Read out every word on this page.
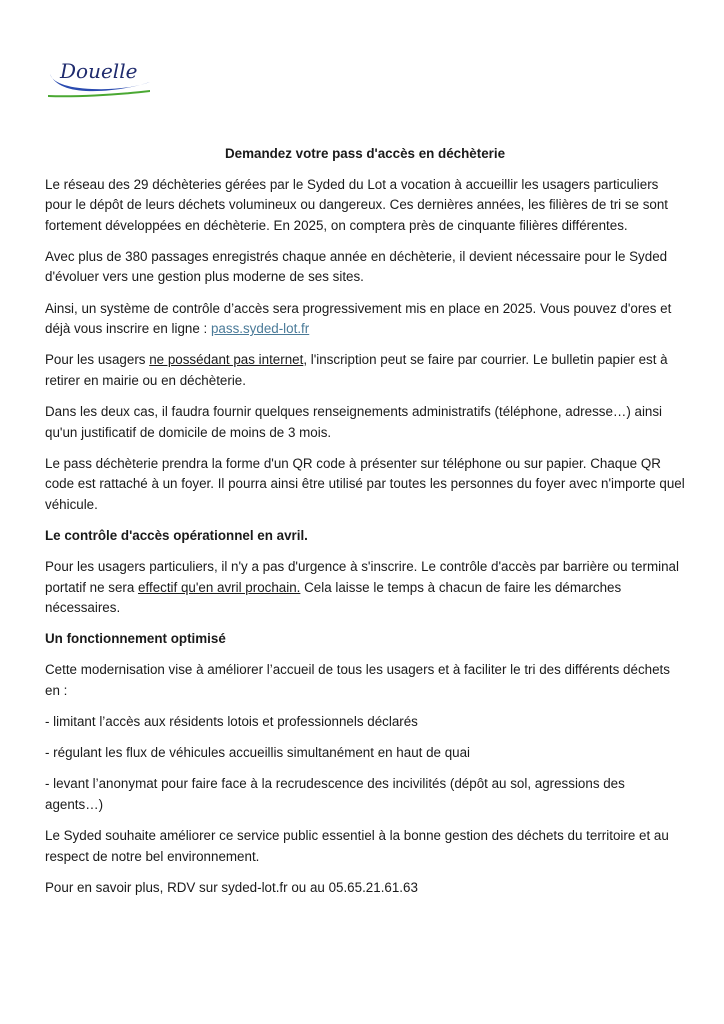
Douelle

Demandez votre pass d'accès en déchèterie

Le réseau des 29 déchèteries gérées par le Syded du Lot a vocation à accueillir les usagers particuliers pour le dépôt de leurs déchets volumineux ou dangereux. Ces dernières années, les filières de tri se sont fortement développées en déchèterie. En 2025, on comptera près de cinquante filières différentes.

Avec plus de 380 passages enregistrés chaque année en déchèterie, il devient nécessaire pour le Syded d'évoluer vers une gestion plus moderne de ses sites.

Ainsi, un système de contrôle d’accès sera progressivement mis en place en 2025. Vous pouvez d'ores et déjà vous inscrire en ligne : pass.syded-lot.fr

Pour les usagers ne possédant pas internet, l'inscription peut se faire par courrier. Le bulletin papier est à retirer en mairie ou en déchèterie.

Dans les deux cas, il faudra fournir quelques renseignements administratifs (téléphone, adresse…) ainsi qu'un justificatif de domicile de moins de 3 mois.

Le pass déchèterie prendra la forme d'un QR code à présenter sur téléphone ou sur papier. Chaque QR code est rattaché à un foyer. Il pourra ainsi être utilisé par toutes les personnes du foyer avec n'importe quel véhicule.

Le contrôle d'accès opérationnel en avril.

Pour les usagers particuliers, il n'y a pas d'urgence à s'inscrire. Le contrôle d'accès par barrière ou terminal portatif ne sera effectif qu'en avril prochain. Cela laisse le temps à chacun de faire les démarches nécessaires.

Un fonctionnement optimisé

Cette modernisation vise à améliorer l’accueil de tous les usagers et à faciliter le tri des différents déchets en :

- limitant l’accès aux résidents lotois et professionnels déclarés

- régulant les flux de véhicules accueillis simultanément en haut de quai

- levant l’anonymat pour faire face à la recrudescence des incivilités (dépôt au sol, agressions des agents…)

Le Syded souhaite améliorer ce service public essentiel à la bonne gestion des déchets du territoire et au respect de notre bel environnement.

Pour en savoir plus, RDV sur syded-lot.fr ou au 05.65.21.61.63
